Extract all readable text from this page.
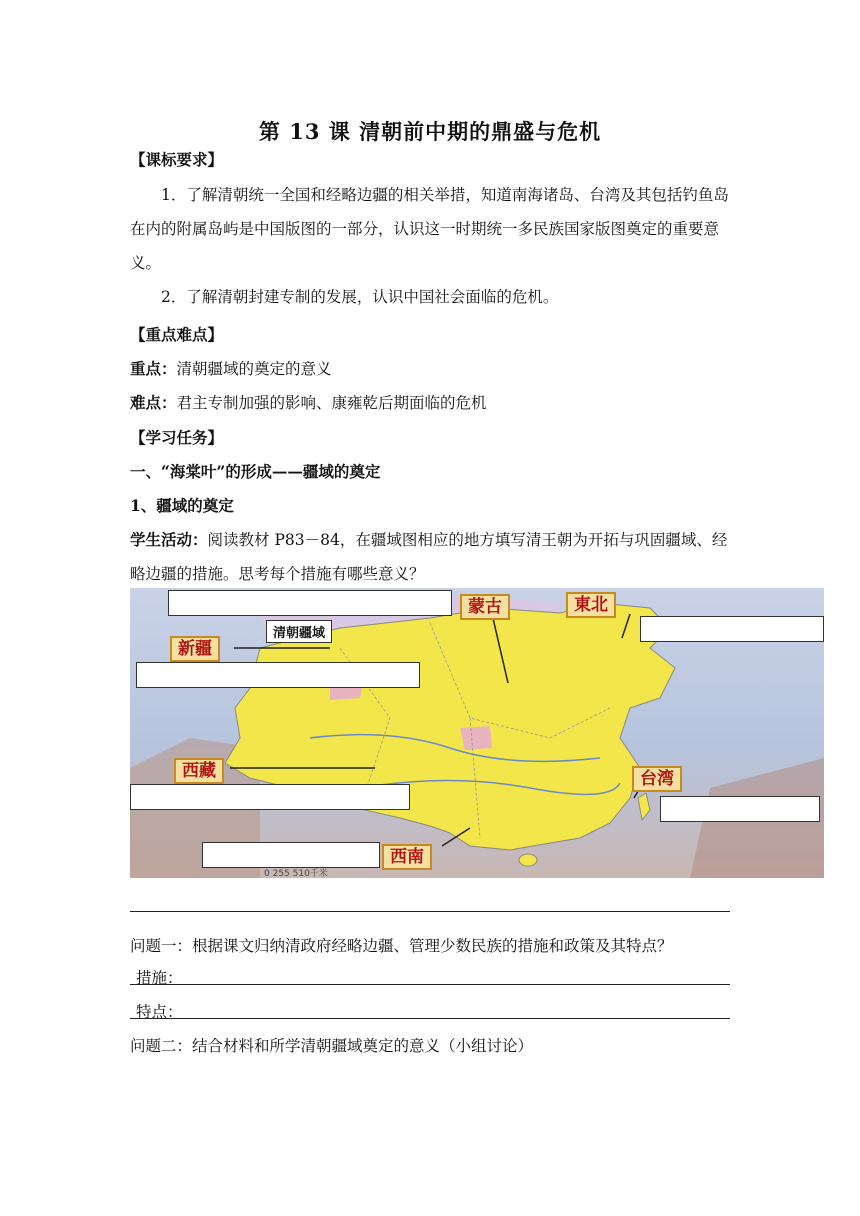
第 13 课 清朝前中期的鼎盛与危机
【课标要求】
1．了解清朝统一全国和经略边疆的相关举措，知道南海诸岛、台湾及其包括钓鱼岛在内的附属岛屿是中国版图的一部分，认识这一时期统一多民族国家版图奠定的重要意义。
2．了解清朝封建专制的发展，认识中国社会面临的危机。
【重点难点】
重点：清朝疆域的奠定的意义
难点：君主专制加强的影响、康雍乾后期面临的危机
【学习任务】
一、“海棠叶”的形成——疆域的奠定
1、疆域的奠定
学生活动：阅读教材 P83－84，在疆域图相应的地方填写清王朝为开拓与巩固疆域、经略边疆的措施。思考每个措施有哪些意义？
清朝疆域
蒙古	東北
新疆
西藏	台湾
西南
0 255 510千米
问题一：根据课文归纳清政府经略边疆、管理少数民族的措施和政策及其特点？
措施：
特点：
问题二：结合材料和所学清朝疆域奠定的意义（小组讨论）
